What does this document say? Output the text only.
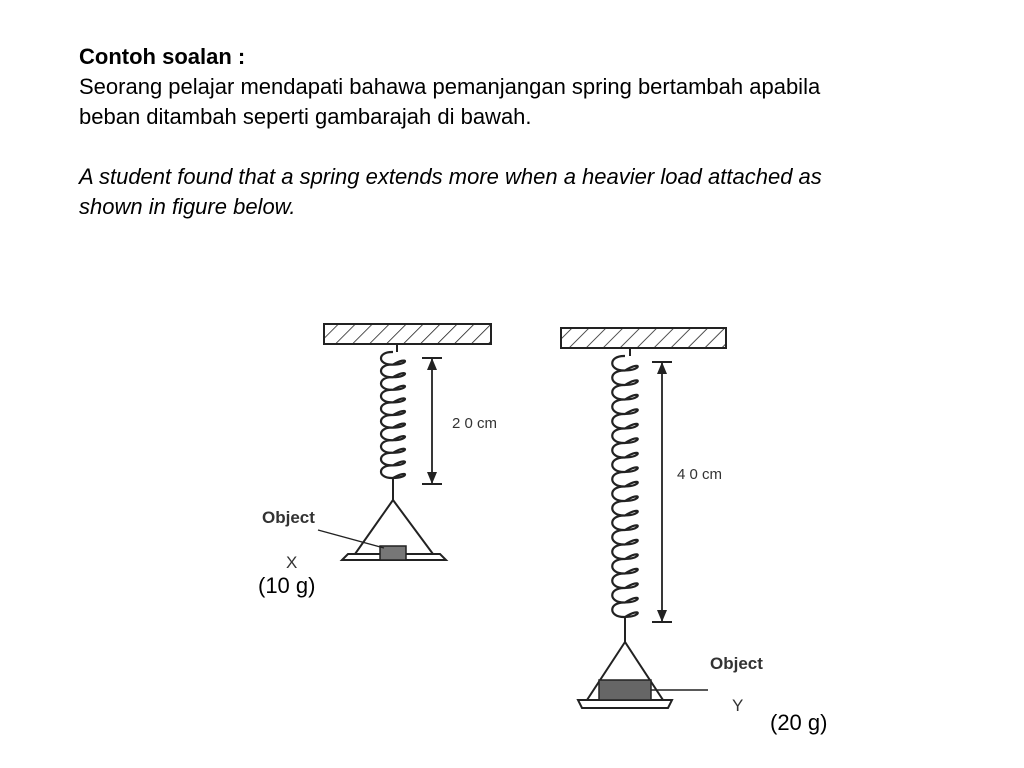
Contoh soalan :

Seorang pelajar mendapati bahawa pemanjangan spring bertambah apabila

beban ditambah seperti gambarajah di bawah.

A student found that a spring extends more when a heavier load attached as

shown in figure below.

2 0 cm
Object
X
4 0 cm
Object
Y
(10 g)
(20 g)
